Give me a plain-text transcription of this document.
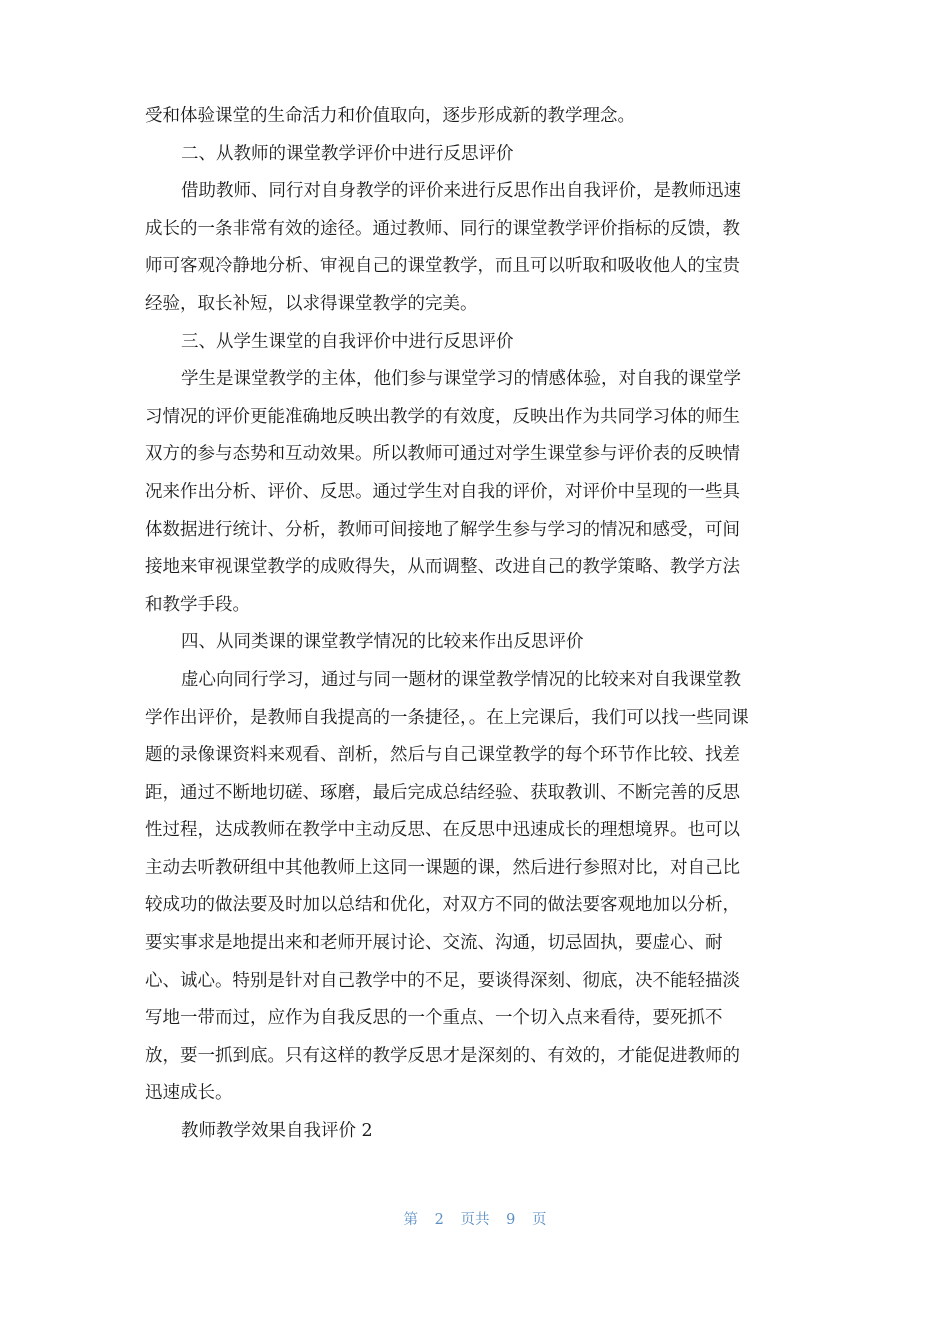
受和体验课堂的生命活力和价值取向，逐步形成新的教学理念。
二、从教师的课堂教学评价中进行反思评价
借助教师、同行对自身教学的评价来进行反思作出自我评价，是教师迅速
成长的一条非常有效的途径。通过教师、同行的课堂教学评价指标的反馈，教
师可客观冷静地分析、审视自己的课堂教学，而且可以听取和吸收他人的宝贵
经验，取长补短，以求得课堂教学的完美。
三、从学生课堂的自我评价中进行反思评价
学生是课堂教学的主体，他们参与课堂学习的情感体验，对自我的课堂学
习情况的评价更能准确地反映出教学的有效度，反映出作为共同学习体的师生
双方的参与态势和互动效果。所以教师可通过对学生课堂参与评价表的反映情
况来作出分析、评价、反思。通过学生对自我的评价，对评价中呈现的一些具
体数据进行统计、分析，教师可间接地了解学生参与学习的情况和感受，可间
接地来审视课堂教学的成败得失，从而调整、改进自己的教学策略、教学方法
和教学手段。
四、从同类课的课堂教学情况的比较来作出反思评价
虚心向同行学习，通过与同一题材的课堂教学情况的比较来对自我课堂教
学作出评价，是教师自我提高的一条捷径，。在上完课后，我们可以找一些同课
题的录像课资料来观看、剖析，然后与自己课堂教学的每个环节作比较、找差
距，通过不断地切磋、琢磨，最后完成总结经验、获取教训、不断完善的反思
性过程，达成教师在教学中主动反思、在反思中迅速成长的理想境界。也可以
主动去听教研组中其他教师上这同一课题的课，然后进行参照对比，对自己比
较成功的做法要及时加以总结和优化，对双方不同的做法要客观地加以分析，
要实事求是地提出来和老师开展讨论、交流、沟通，切忌固执，要虚心、耐
心、诚心。特别是针对自己教学中的不足，要谈得深刻、彻底，决不能轻描淡
写地一带而过，应作为自我反思的一个重点、一个切入点来看待，要死抓不
放，要一抓到底。只有这样的教学反思才是深刻的、有效的，才能促进教师的
迅速成长。
教师教学效果自我评价 2
第 2 页共 9 页
